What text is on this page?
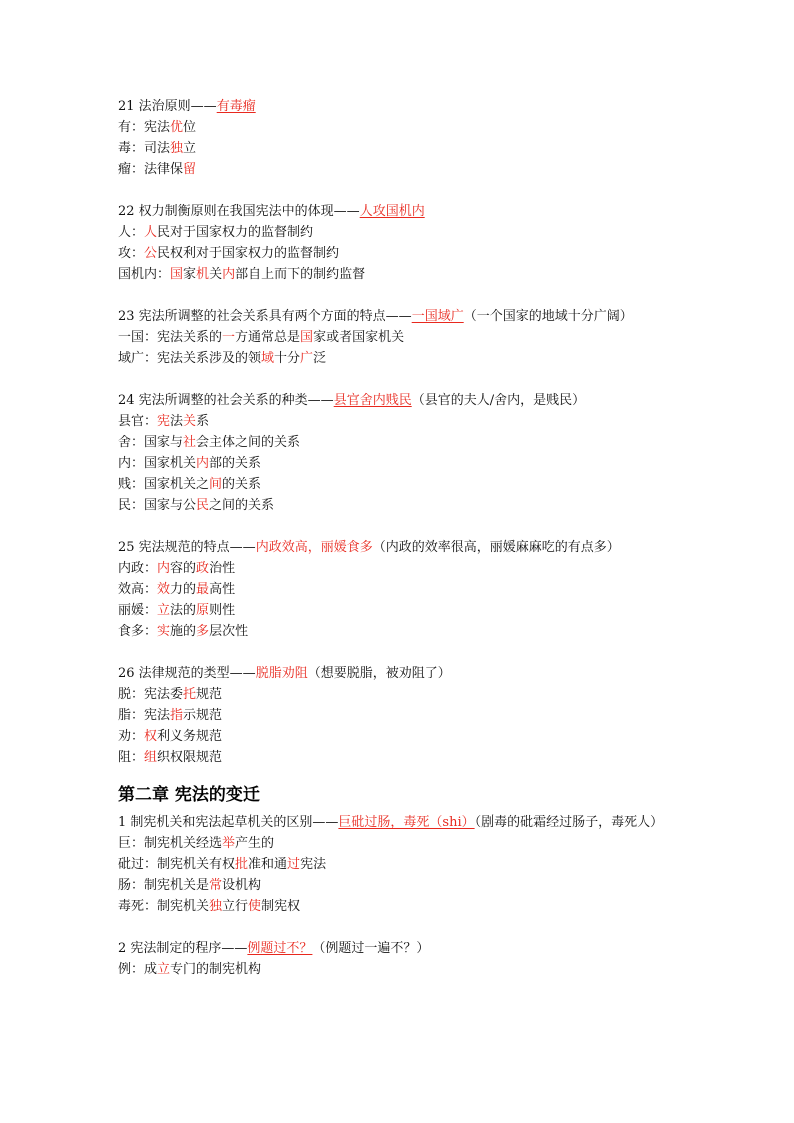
21 法治原则——有毒瘤
有：宪法优位
毒：司法独立
瘤：法律保留
22 权力制衡原则在我国宪法中的体现——人攻国机内
人：人民对于国家权力的监督制约
攻：公民权利对于国家权力的监督制约
国机内：国家机关内部自上而下的制约监督
23 宪法所调整的社会关系具有两个方面的特点——一国域广（一个国家的地域十分广阔）
一国：宪法关系的一方通常总是国家或者国家机关
域广：宪法关系涉及的领域十分广泛
24 宪法所调整的社会关系的种类——县官舍内贱民（县官的夫人/舍内，是贱民）
县官：宪法关系
舍：国家与社会主体之间的关系
内：国家机关内部的关系
贱：国家机关之间的关系
民：国家与公民之间的关系
25 宪法规范的特点——内政效高，丽媛食多（内政的效率很高，丽媛麻麻吃的有点多）
内政：内容的政治性
效高：效力的最高性
丽媛：立法的原则性
食多：实施的多层次性
26 法律规范的类型——脱脂劝阻（想要脱脂，被劝阻了）
脱：宪法委托规范
脂：宪法指示规范
劝：权利义务规范
阻：组织权限规范
第二章 宪法的变迁
1 制宪机关和宪法起草机关的区别——巨砒过肠，毒死（shi）（剧毒的砒霜经过肠子，毒死人）
巨：制宪机关经选举产生的
砒过：制宪机关有权批准和通过宪法
肠：制宪机关是常设机构
毒死：制宪机关独立行使制宪权
2 宪法制定的程序——例题过不？（例题过一遍不？）
例：成立专门的制宪机构
